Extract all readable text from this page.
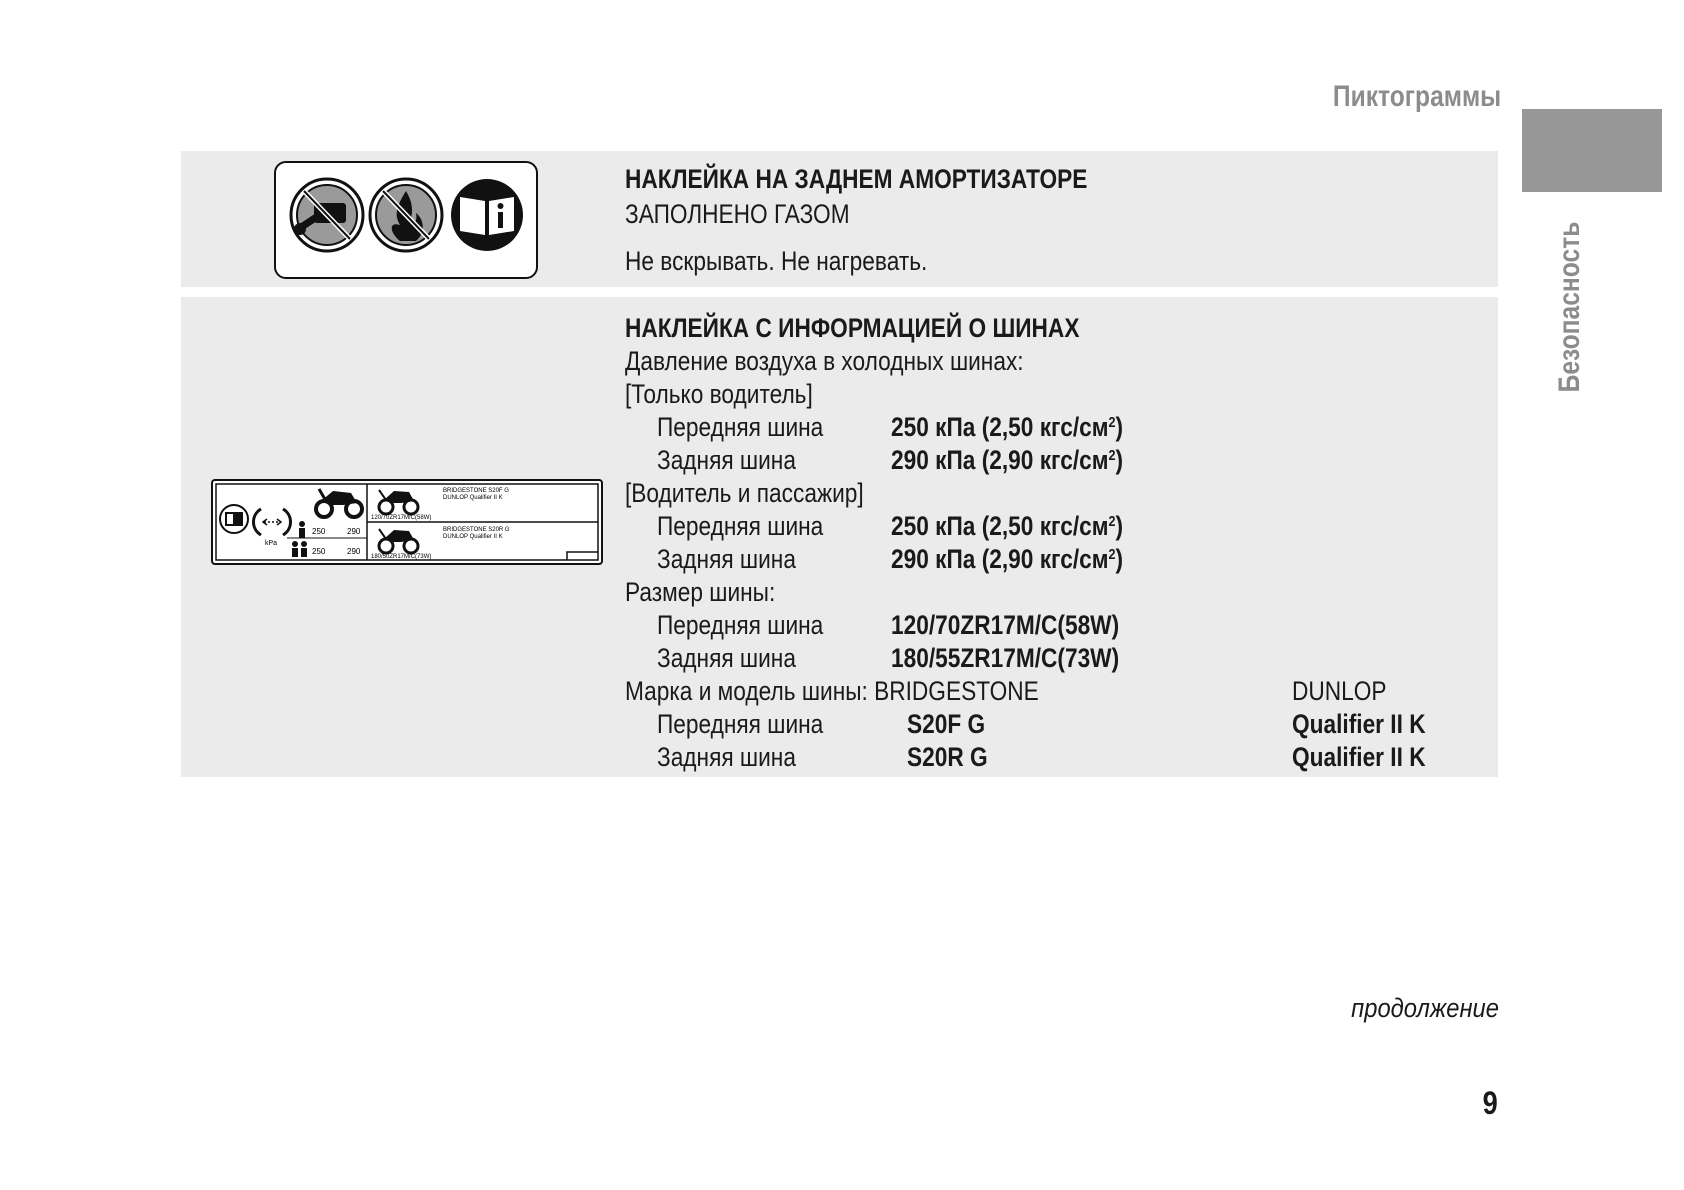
Пиктограммы
Безопасность
НАКЛЕЙКА НА ЗАДНЕМ АМОРТИЗАТОРЕ
ЗАПОЛНЕНО ГАЗОМ
Не вскрывать. Не нагревать.
kPa
250	290
250	290
BRIDGESTONE S20F G
DUNLOP Qualifier II K
120/70ZR17M/C(58W)
BRIDGESTONE S20R G
DUNLOP Qualifier II K
180/50ZR17M/C(73W)
НАКЛЕЙКА С ИНФОРМАЦИЕЙ О ШИНАХ
Давление воздуха в холодных шинах:
[Только водитель]
Передняя шина	250 кПа (2,50 кгс/$см^2$)
Задняя шина	290 кПа (2,90 кгс/$см^2$)
[Водитель и пассажир]
Передняя шина	250 кПа (2,50 кгс/$см^2$)
Задняя шина	290 кПа (2,90 кгс/$см^2$)
Размер шины:
Передняя шина	120/70ZR17M/C(58W)
Задняя шина	180/55ZR17M/C(73W)
Марка и модель шины: BRIDGESTONE	DUNLOP
Передняя шина	S20F G	Qualifier II K
Задняя шина	S20R G	Qualifier II K
продолжение
9
